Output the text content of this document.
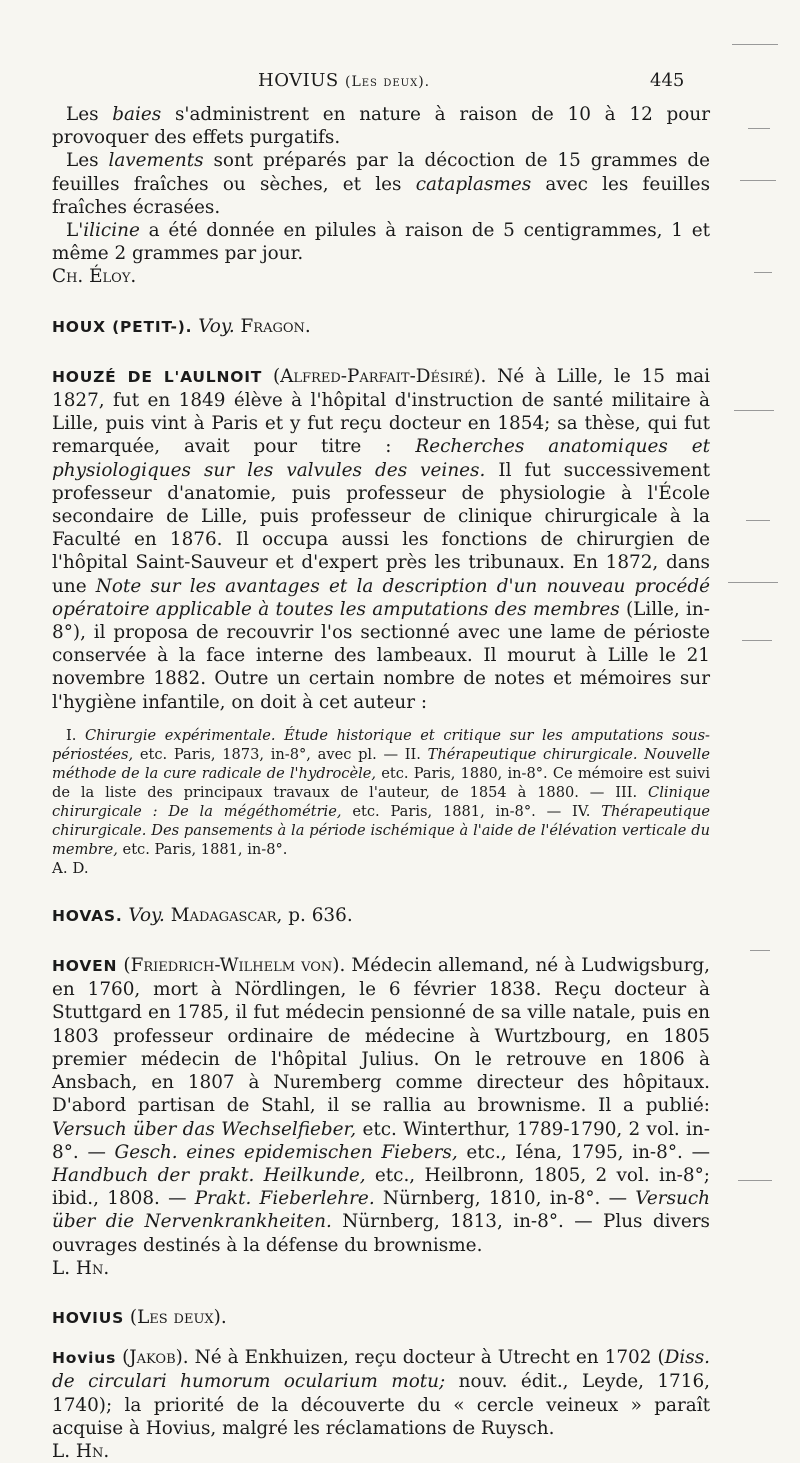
HOVIUS (Les deux).	445

Les baies s'administrent en nature à raison de 10 à 12 pour provoquer des effets purgatifs.

Les lavements sont préparés par la décoction de 15 grammes de feuilles fraîches ou sèches, et les cataplasmes avec les feuilles fraîches écrasées.

L'ilicine a été donnée en pilules à raison de 5 centigrammes, 1 et même 2 grammes par jour.

Ch. Éloy.

HOUX (PETIT-). Voy. Fragon.

HOUZÉ DE L'AULNOIT (Alfred-Parfait-Désiré). Né à Lille, le 15 mai 1827, fut en 1849 élève à l'hôpital d'instruction de santé militaire à Lille, puis vint à Paris et y fut reçu docteur en 1854; sa thèse, qui fut remarquée, avait pour titre : Recherches anatomiques et physiologiques sur les valvules des veines. Il fut successivement professeur d'anatomie, puis professeur de physiologie à l'École secondaire de Lille, puis professeur de clinique chirurgicale à la Faculté en 1876. Il occupa aussi les fonctions de chirurgien de l'hôpital Saint-Sauveur et d'expert près les tribunaux. En 1872, dans une Note sur les avantages et la description d'un nouveau procédé opératoire applicable à toutes les amputations des membres (Lille, in-8°), il proposa de recouvrir l'os sectionné avec une lame de périoste conservée à la face interne des lambeaux. Il mourut à Lille le 21 novembre 1882. Outre un certain nombre de notes et mémoires sur l'hygiène infantile, on doit à cet auteur :

I. Chirurgie expérimentale. Étude historique et critique sur les amputations sous-périostées, etc. Paris, 1873, in-8°, avec pl. — II. Thérapeutique chirurgicale. Nouvelle méthode de la cure radicale de l'hydrocèle, etc. Paris, 1880, in-8°. Ce mémoire est suivi de la liste des principaux travaux de l'auteur, de 1854 à 1880. — III. Clinique chirurgicale : De la mégéthométrie, etc. Paris, 1881, in-8°. — IV. Thérapeutique chirurgicale. Des pansements à la période ischémique à l'aide de l'élévation verticale du membre, etc. Paris, 1881, in-8°.

A. D.

HOVAS. Voy. Madagascar, p. 636.

HOVEN (Friedrich-Wilhelm von). Médecin allemand, né à Ludwigsburg, en 1760, mort à Nördlingen, le 6 février 1838. Reçu docteur à Stuttgard en 1785, il fut médecin pensionné de sa ville natale, puis en 1803 professeur ordinaire de médecine à Wurtzbourg, en 1805 premier médecin de l'hôpital Julius. On le retrouve en 1806 à Ansbach, en 1807 à Nuremberg comme directeur des hôpitaux. D'abord partisan de Stahl, il se rallia au brownisme. Il a publié: Versuch über das Wechselfieber, etc. Winterthur, 1789-1790, 2 vol. in-8°. — Gesch. eines epidemischen Fiebers, etc., Iéna, 1795, in-8°. — Handbuch der prakt. Heilkunde, etc., Heilbronn, 1805, 2 vol. in-8°; ibid., 1808. — Prakt. Fieberlehre. Nürnberg, 1810, in-8°. — Versuch über die Nervenkrankheiten. Nürnberg, 1813, in-8°. — Plus divers ouvrages destinés à la défense du brownisme.

L. Hn.

HOVIUS (Les deux).

Hovius (Jakob). Né à Enkhuizen, reçu docteur à Utrecht en 1702 (Diss. de circulari humorum ocularium motu; nouv. édit., Leyde, 1716, 1740); la priorité de la découverte du « cercle veineux » paraît acquise à Hovius, malgré les réclamations de Ruysch.

L. Hn.
